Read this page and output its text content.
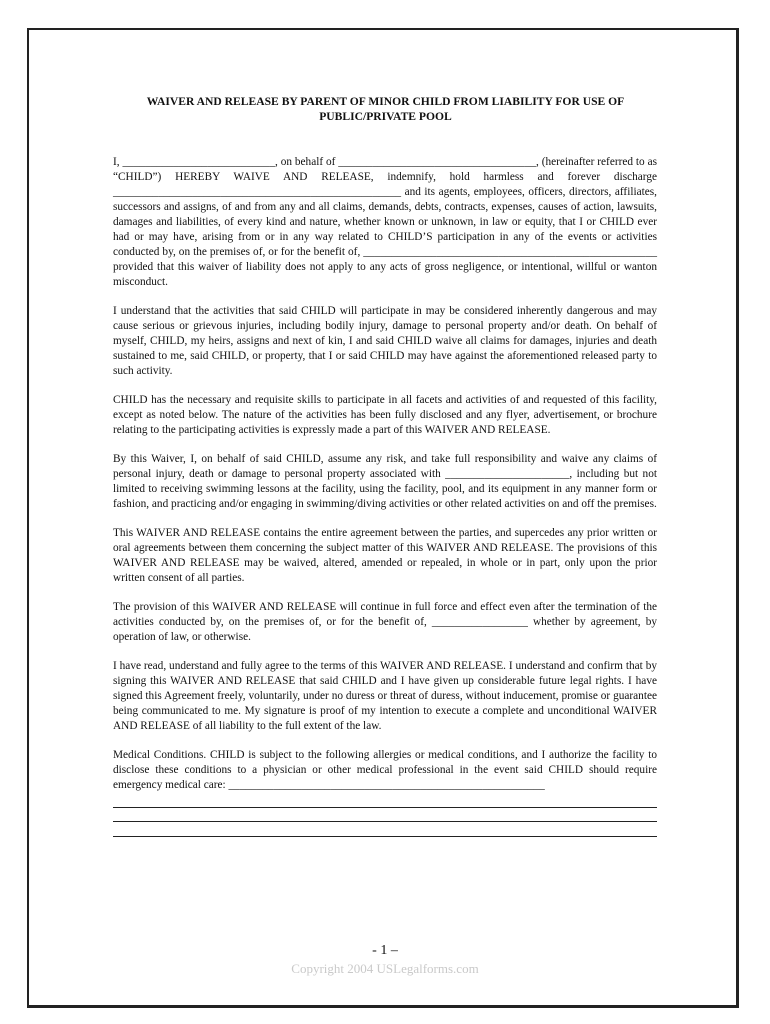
WAIVER AND RELEASE BY PARENT OF MINOR CHILD FROM LIABILITY FOR USE OF PUBLIC/PRIVATE POOL

I, ___________________________, on behalf of ___________________________________, (hereinafter referred to as “CHILD”) HEREBY WAIVE AND RELEASE, indemnify, hold harmless and forever discharge ___________________________________________________ and its agents, employees, officers, directors, affiliates, successors and assigns, of and from any and all claims, demands, debts, contracts, expenses, causes of action, lawsuits, damages and liabilities, of every kind and nature, whether known or unknown, in law or equity, that I or CHILD ever had or may have, arising from or in any way related to CHILD’S participation in any of the events or activities conducted by, on the premises of, or for the benefit of, ____________________________________________________ provided that this waiver of liability does not apply to any acts of gross negligence, or intentional, willful or wanton misconduct.

I understand that the activities that said CHILD will participate in may be considered inherently dangerous and may cause serious or grievous injuries, including bodily injury, damage to personal property and/or death. On behalf of myself, CHILD, my heirs, assigns and next of kin, I and said CHILD waive all claims for damages, injuries and death sustained to me, said CHILD, or property, that I or said CHILD may have against the aforementioned released party to such activity.

CHILD has the necessary and requisite skills to participate in all facets and activities of and requested of this facility, except as noted below. The nature of the activities has been fully disclosed and any flyer, advertisement, or brochure relating to the participating activities is expressly made a part of this WAIVER AND RELEASE.

By this Waiver, I, on behalf of said CHILD, assume any risk, and take full responsibility and waive any claims of personal injury, death or damage to personal property associated with ______________________, including but not limited to receiving swimming lessons at the facility, using the facility, pool, and its equipment in any manner form or fashion, and practicing and/or engaging in swimming/diving activities or other related activities on and off the premises.

This WAIVER AND RELEASE contains the entire agreement between the parties, and supercedes any prior written or oral agreements between them concerning the subject matter of this WAIVER AND RELEASE. The provisions of this WAIVER AND RELEASE may be waived, altered, amended or repealed, in whole or in part, only upon the prior written consent of all parties.

The provision of this WAIVER AND RELEASE will continue in full force and effect even after the termination of the activities conducted by, on the premises of, or for the benefit of, _________________ whether by agreement, by operation of law, or otherwise.

I have read, understand and fully agree to the terms of this WAIVER AND RELEASE. I understand and confirm that by signing this WAIVER AND RELEASE that said CHILD and I have given up considerable future legal rights. I have signed this Agreement freely, voluntarily, under no duress or threat of duress, without inducement, promise or guarantee being communicated to me. My signature is proof of my intention to execute a complete and unconditional WAIVER AND RELEASE of all liability to the full extent of the law.

Medical Conditions. CHILD is subject to the following allergies or medical conditions, and I authorize the facility to disclose these conditions to a physician or other medical professional in the event said CHILD should require emergency medical care: ________________________________________________________

- 1 –
Copyright 2004 USLegalforms.com
